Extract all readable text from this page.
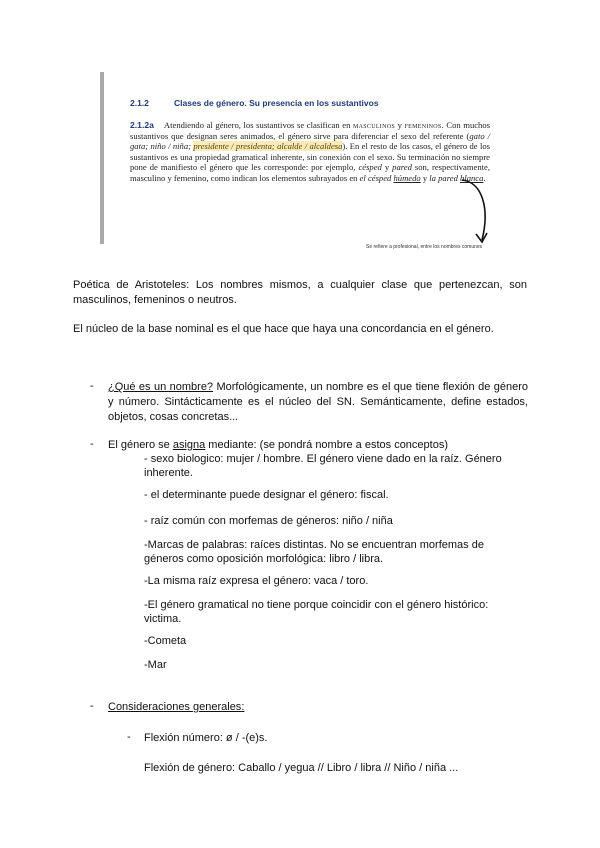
2.1.2	Clases de género. Su presencia en los sustantivos
2.1.2a Atendiendo al género, los sustantivos se clasifican en masculinos y femeninos. Con muchos sustantivos que designan seres animados, el género sirve para diferenciar el sexo del referente (gato / gata; niño / niña; presidente / presidenta; alcalde / alcaldesa). En el resto de los casos, el género de los sustantivos es una propiedad gramatical inherente, sin conexión con el sexo. Su terminación no siempre pone de manifiesto el género que les corresponde: por ejemplo, césped y pared son, respectivamente, masculino y femenino, como indican los elementos subrayados en el césped húmedo y la pared blanca.
Se refiere a profesional, entre los nombres comunes
Poética de Aristoteles: Los nombres mismos, a cualquier clase que pertenezcan, son masculinos, femeninos o neutros.
El núcleo de la base nominal es el que hace que haya una concordancia en el género.
- ¿Qué es un nombre? Morfológicamente, un nombre es el que tiene flexión de género y número. Sintácticamente es el núcleo del SN. Semánticamente, define estados, objetos, cosas concretas...
- El género se asigna mediante: (se pondrá nombre a estos conceptos)
- sexo biologico: mujer / hombre. El género viene dado en la raíz. Género inherente.
- el determinante puede designar el género: fiscal.
- raíz común con morfemas de géneros: niño / niña
-Marcas de palabras: raíces distintas. No se encuentran morfemas de géneros como oposición morfológica: libro / libra.
-La misma raíz expresa el género: vaca / toro.
-El género gramatical no tiene porque coincidir con el género histórico: victima.
-Cometa
-Mar
- Consideraciones generales:
- Flexión número: ø / -(e)s.
Flexión de género: Caballo / yegua // Libro / libra // Niño / niña ...
